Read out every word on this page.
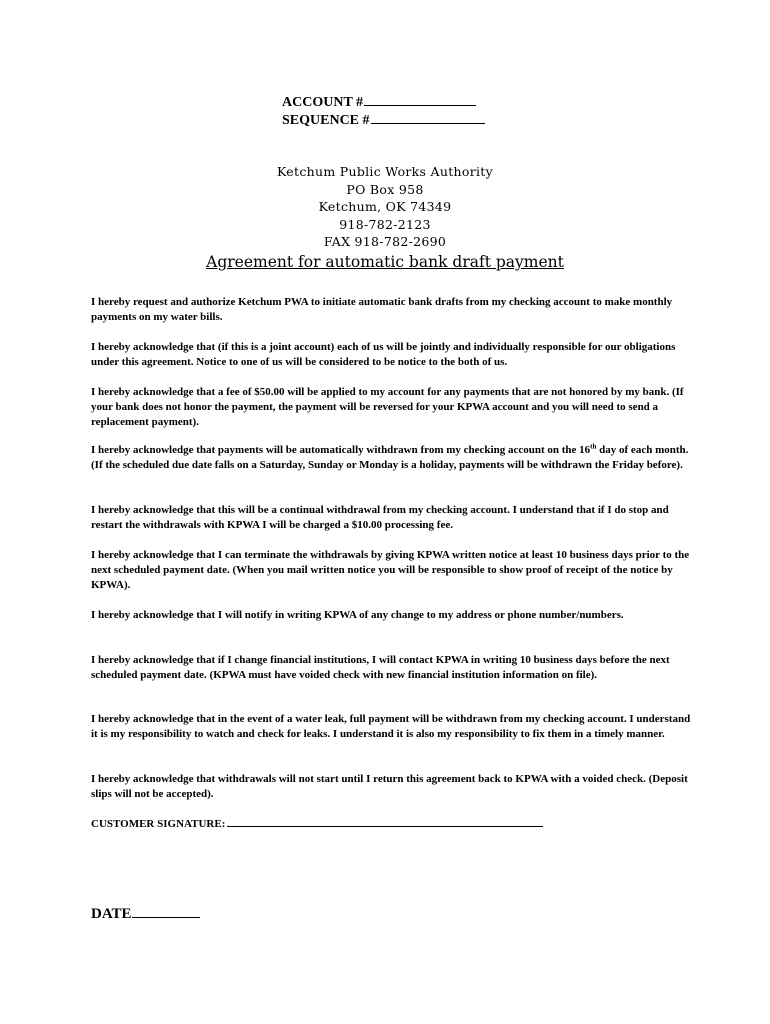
ACCOUNT #
SEQUENCE #
Ketchum Public Works Authority
PO Box 958
Ketchum, OK 74349
918-782-2123
FAX 918-782-2690
Agreement for automatic bank draft payment
I hereby request and authorize Ketchum PWA to initiate automatic bank drafts from my checking account to make monthly payments on my water bills.
I hereby acknowledge that (if this is a joint account) each of us will be jointly and individually responsible for our obligations under this agreement. Notice to one of us will be considered to be notice to the both of us.
I hereby acknowledge that a fee of $50.00 will be applied to my account for any payments that are not honored by my bank. (If your bank does not honor the payment, the payment will be reversed for your KPWA account and you will need to send a replacement payment).
I hereby acknowledge that payments will be automatically withdrawn from my checking account on the 16th day of each month. (If the scheduled due date falls on a Saturday, Sunday or Monday is a holiday, payments will be withdrawn the Friday before).
I hereby acknowledge that this will be a continual withdrawal from my checking account. I understand that if I do stop and restart the withdrawals with KPWA I will be charged a $10.00 processing fee.
I hereby acknowledge that I can terminate the withdrawals by giving KPWA written notice at least 10 business days prior to the next scheduled payment date. (When you mail written notice you will be responsible to show proof of receipt of the notice by KPWA).
I hereby acknowledge that I will notify in writing KPWA of any change to my address or phone number/numbers.
I hereby acknowledge that if I change financial institutions, I will contact KPWA in writing 10 business days before the next scheduled payment date. (KPWA must have voided check with new financial institution information on file).
I hereby acknowledge that in the event of a water leak, full payment will be withdrawn from my checking account. I understand it is my responsibility to watch and check for leaks. I understand it is also my responsibility to fix them in a timely manner.
I hereby acknowledge that withdrawals will not start until I return this agreement back to KPWA with a voided check. (Deposit slips will not be accepted).
CUSTOMER SIGNATURE:
DATE
